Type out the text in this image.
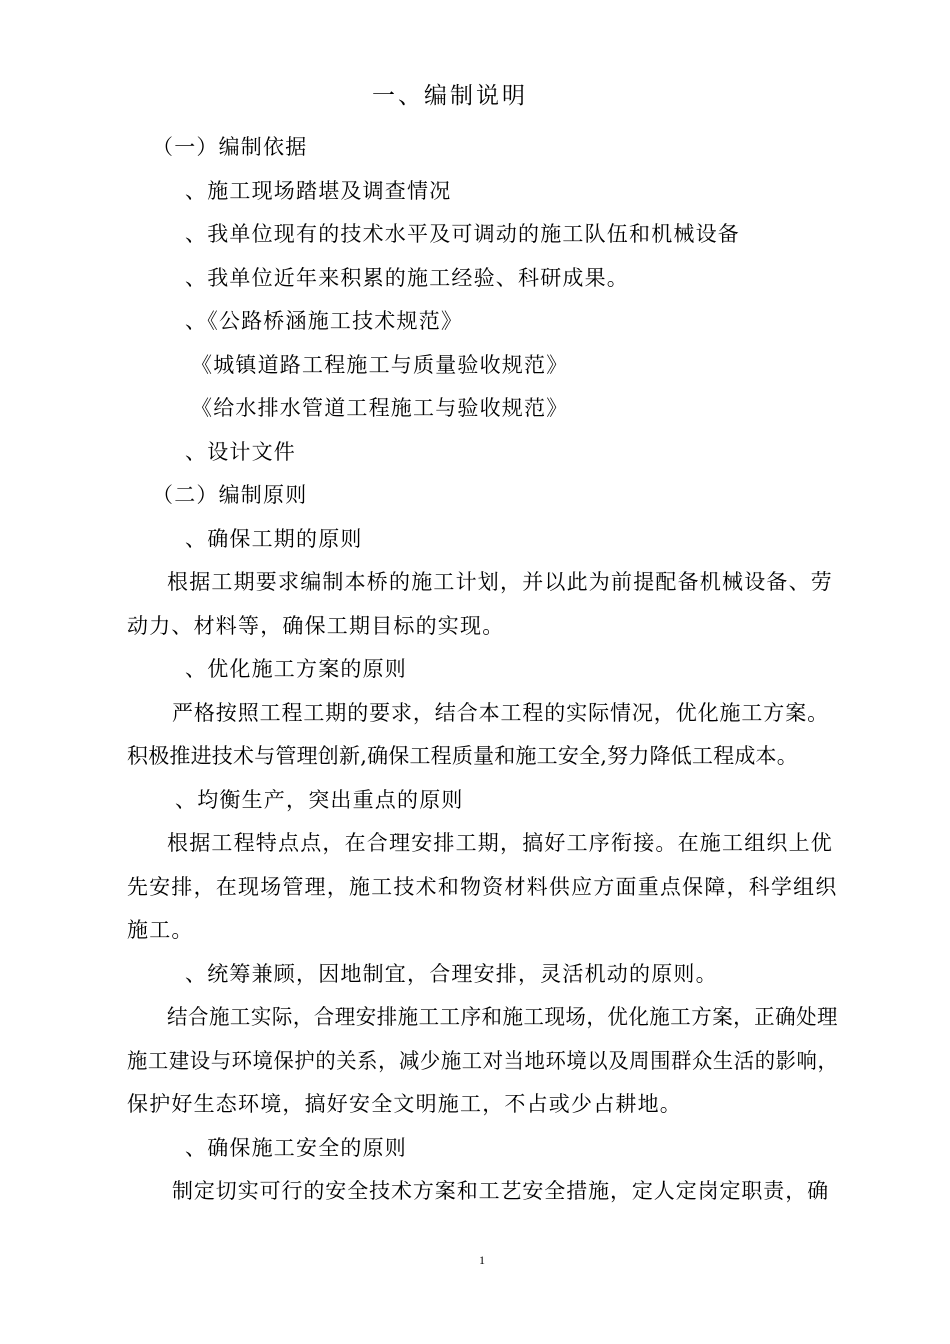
一、编制说明
（一）编制依据
、施工现场踏堪及调查情况
、我单位现有的技术水平及可调动的施工队伍和机械设备
、我单位近年来积累的施工经验、科研成果。
、《公路桥涵施工技术规范》
《城镇道路工程施工与质量验收规范》
《给水排水管道工程施工与验收规范》
、设计文件
（二）编制原则
、确保工期的原则
根据工期要求编制本桥的施工计划，并以此为前提配备机械设备、劳
动力、材料等，确保工期目标的实现。
、优化施工方案的原则
严格按照工程工期的要求，结合本工程的实际情况，优化施工方案。
积极推进技术与管理创新,确保工程质量和施工安全,努力降低工程成本。
、均衡生产，突出重点的原则
根据工程特点点，在合理安排工期，搞好工序衔接。在施工组织上优
先安排，在现场管理，施工技术和物资材料供应方面重点保障，科学组织
施工。
、统筹兼顾，因地制宜，合理安排，灵活机动的原则。
结合施工实际，合理安排施工工序和施工现场，优化施工方案，正确处理
施工建设与环境保护的关系，减少施工对当地环境以及周围群众生活的影响，
保护好生态环境，搞好安全文明施工，不占或少占耕地。
、确保施工安全的原则
制定切实可行的安全技术方案和工艺安全措施，定人定岗定职责，确
1
